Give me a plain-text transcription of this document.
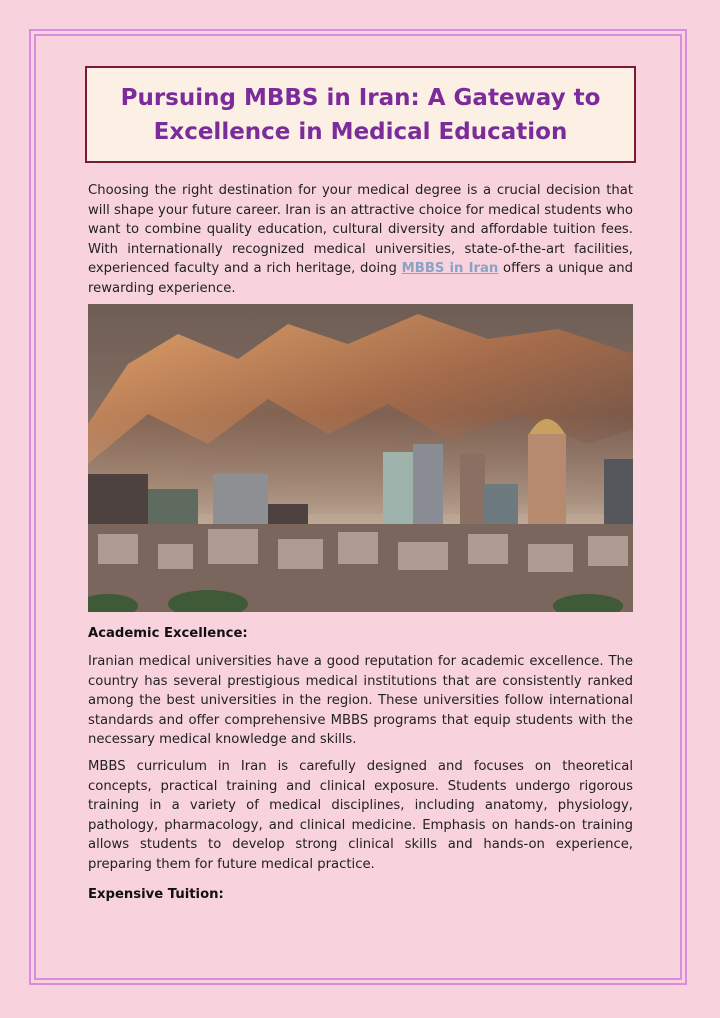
Pursuing MBBS in Iran: A Gateway to Excellence in Medical Education
Choosing the right destination for your medical degree is a crucial decision that will shape your future career. Iran is an attractive choice for medical students who want to combine quality education, cultural diversity and affordable tuition fees. With internationally recognized medical universities, state-of-the-art facilities, experienced faculty and a rich heritage, doing MBBS in Iran offers a unique and rewarding experience.
Academic Excellence:
Iranian medical universities have a good reputation for academic excellence. The country has several prestigious medical institutions that are consistently ranked among the best universities in the region. These universities follow international standards and offer comprehensive MBBS programs that equip students with the necessary medical knowledge and skills.
MBBS curriculum in Iran is carefully designed and focuses on theoretical concepts, practical training and clinical exposure. Students undergo rigorous training in a variety of medical disciplines, including anatomy, physiology, pathology, pharmacology, and clinical medicine. Emphasis on hands-on training allows students to develop strong clinical skills and hands-on experience, preparing them for future medical practice.
Expensive Tuition:
